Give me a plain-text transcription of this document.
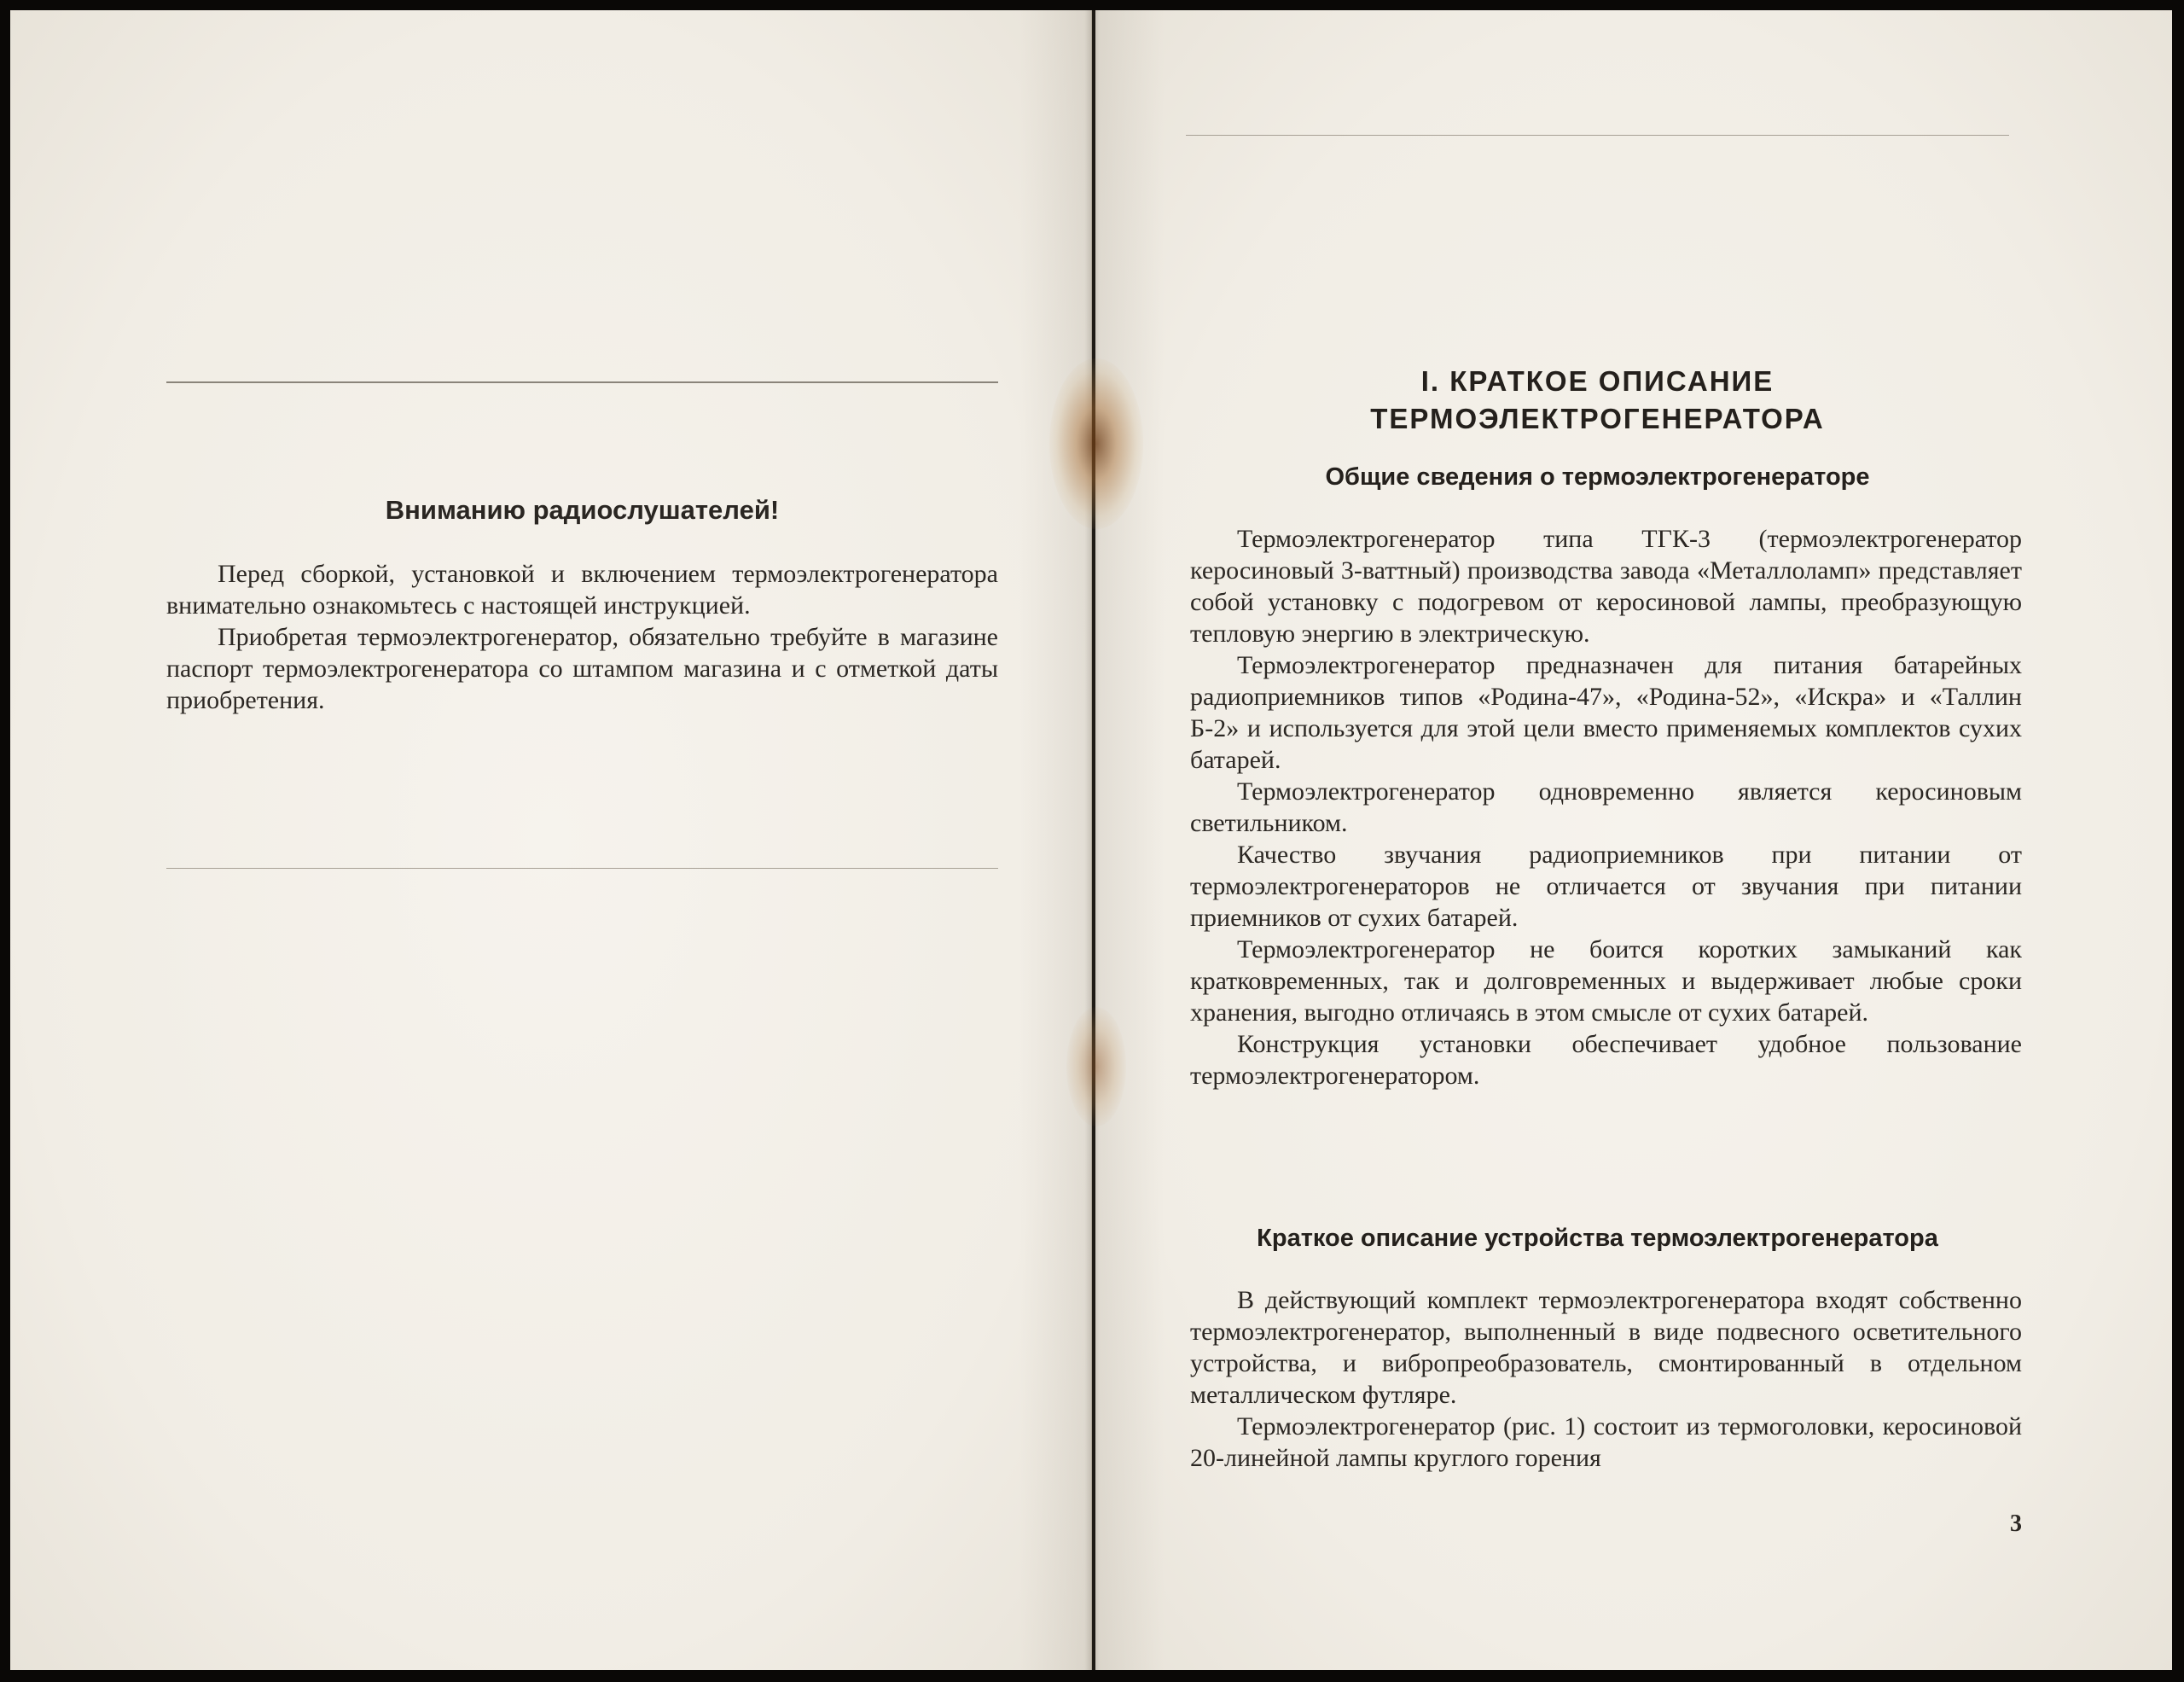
Вниманию радиослушателей!

Перед сборкой, установкой и включением термоэлектрогенератора внимательно ознакомьтесь с настоящей инструкцией.

Приобретая термоэлектрогенератор, обязательно требуйте в магазине паспорт термоэлектрогенератора со штампом магазина и с отметкой даты приобретения.

I. КРАТКОЕ ОПИСАНИЕ
ТЕРМОЭЛЕКТРОГЕНЕРАТОРА
Общие сведения о термоэлектрогенераторе

Термоэлектрогенератор типа ТГК-3 (термоэлектрогенератор керосиновый 3-ваттный) производства завода «Металлоламп» представляет собой установку с подогревом от керосиновой лампы, преобразующую тепловую энергию в электрическую.

Термоэлектрогенератор предназначен для питания батарейных радиоприемников типов «Родина-47», «Родина-52», «Искра» и «Таллин Б-2» и используется для этой цели вместо применяемых комплектов сухих батарей.

Термоэлектрогенератор одновременно является керосиновым светильником.

Качество звучания радиоприемников при питании от термоэлектрогенераторов не отличается от звучания при питании приемников от сухих батарей.

Термоэлектрогенератор не боится коротких замыканий как кратковременных, так и долговременных и выдерживает любые сроки хранения, выгодно отличаясь в этом смысле от сухих батарей.

Конструкция установки обеспечивает удобное пользование термоэлектрогенератором.

Краткое описание устройства термоэлектрогенератора

В действующий комплект термоэлектрогенератора входят собственно термоэлектрогенератор, выполненный в виде подвесного осветительного устройства, и вибропреобразователь, смонтированный в отдельном металлическом футляре.

Термоэлектрогенератор (рис. 1) состоит из термоголовки, керосиновой 20-линейной лампы круглого горения

3
